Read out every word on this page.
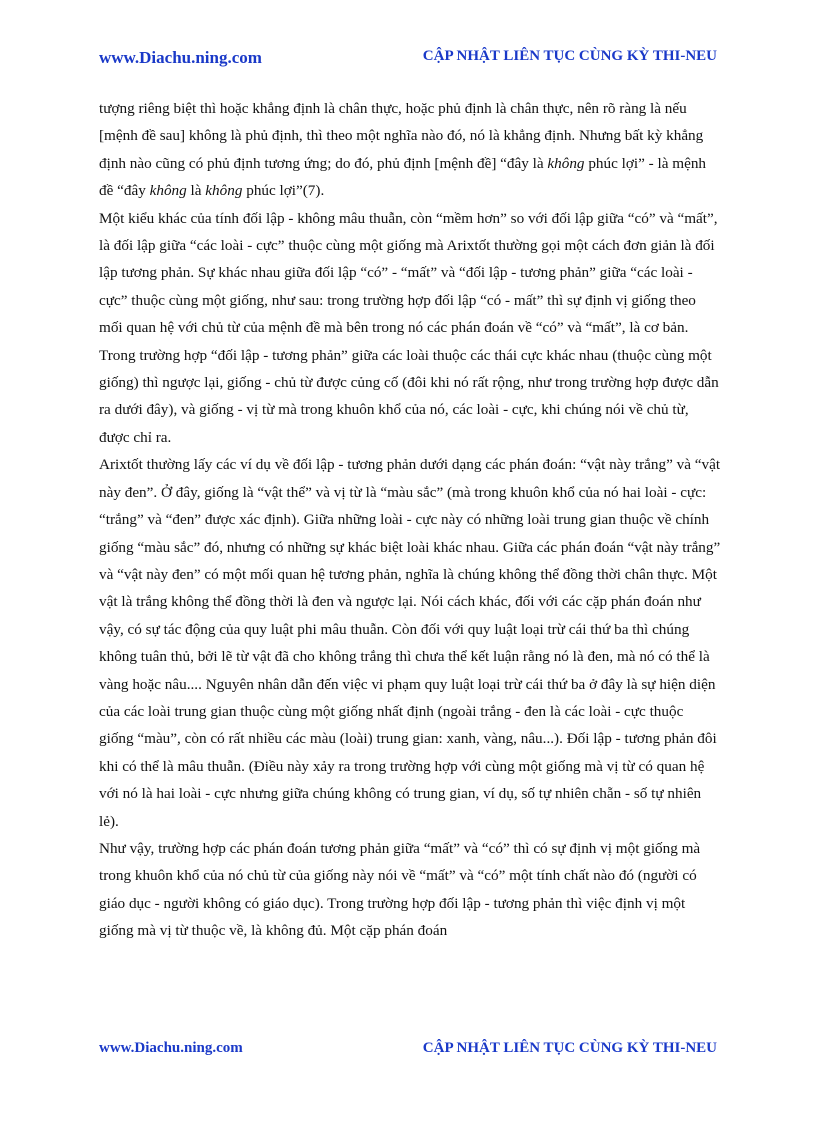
www.Diachu.ning.com	CẬP NHẬT LIÊN TỤC CÙNG KỲ THI-NEU

tượng riêng biệt thì hoặc khẳng định là chân thực, hoặc phủ định là chân thực, nên rõ ràng là nếu [mệnh đề sau] không là phủ định, thì theo một nghĩa nào đó, nó là khẳng định. Nhưng bất kỳ khẳng định nào cũng có phủ định tương ứng; do đó, phủ định [mệnh đề] “đây là không phúc lợi” - là mệnh đề “đây không là không phúc lợi”(7).

Một kiểu khác của tính đối lập - không mâu thuẫn, còn “mềm hơn” so với đối lập giữa “có” và “mất”, là đối lập giữa “các loài - cực” thuộc cùng một giống mà Arixtốt thường gọi một cách đơn giản là đối lập tương phản. Sự khác nhau giữa đối lập “có” - “mất” và “đối lập - tương phản” giữa “các loài - cực” thuộc cùng một giống, như sau: trong trường hợp đối lập “có - mất” thì sự định vị giống theo mối quan hệ với chủ từ của mệnh đề mà bên trong nó các phán đoán về “có” và “mất”, là cơ bản. Trong trường hợp “đối lập - tương phản” giữa các loài thuộc các thái cực khác nhau (thuộc cùng một giống) thì ngược lại, giống - chủ từ được củng cố (đôi khi nó rất rộng, như trong trường hợp được dẫn ra dưới đây), và giống - vị từ mà trong khuôn khổ của nó, các loài - cực, khi chúng nói về chủ từ, được chỉ ra.

Arixtốt thường lấy các ví dụ về đối lập - tương phản dưới dạng các phán đoán: “vật này trắng” và “vật này đen”. Ở đây, giống là “vật thể” và vị từ là “màu sắc” (mà trong khuôn khổ của nó hai loài - cực: “trắng” và “đen” được xác định). Giữa những loài - cực này có những loài trung gian thuộc về chính giống “màu sắc” đó, nhưng có những sự khác biệt loài khác nhau. Giữa các phán đoán “vật này trắng” và “vật này đen” có một mối quan hệ tương phản, nghĩa là chúng không thể đồng thời chân thực. Một vật là trắng không thể đồng thời là đen và ngược lại. Nói cách khác, đối với các cặp phán đoán như vậy, có sự tác động của quy luật phi mâu thuẫn. Còn đối với quy luật loại trừ cái thứ ba thì chúng không tuân thủ, bởi lẽ từ vật đã cho không trắng thì chưa thể kết luận rằng nó là đen, mà nó có thể là vàng hoặc nâu.... Nguyên nhân dẫn đến việc vi phạm quy luật loại trừ cái thứ ba ở đây là sự hiện diện của các loài trung gian thuộc cùng một giống nhất định (ngoài trắng - đen là các loài - cực thuộc giống “màu”, còn có rất nhiều các màu (loài) trung gian: xanh, vàng, nâu...). Đối lập - tương phản đôi khi có thể là mâu thuẫn. (Điều này xảy ra trong trường hợp với cùng một giống mà vị từ có quan hệ với nó là hai loài - cực nhưng giữa chúng không có trung gian, ví dụ, số tự nhiên chẵn - số tự nhiên lẻ).

Như vậy, trường hợp các phán đoán tương phản giữa “mất” và “có” thì có sự định vị một giống mà trong khuôn khổ của nó chủ từ của giống này nói về “mất” và “có” một tính chất nào đó (người có giáo dục - người không có giáo dục). Trong trường hợp đối lập - tương phản thì việc định vị một giống mà vị từ thuộc về, là không đủ. Một cặp phán đoán

www.Diachu.ning.com	CẬP NHẬT LIÊN TỤC CÙNG KỲ THI-NEU
